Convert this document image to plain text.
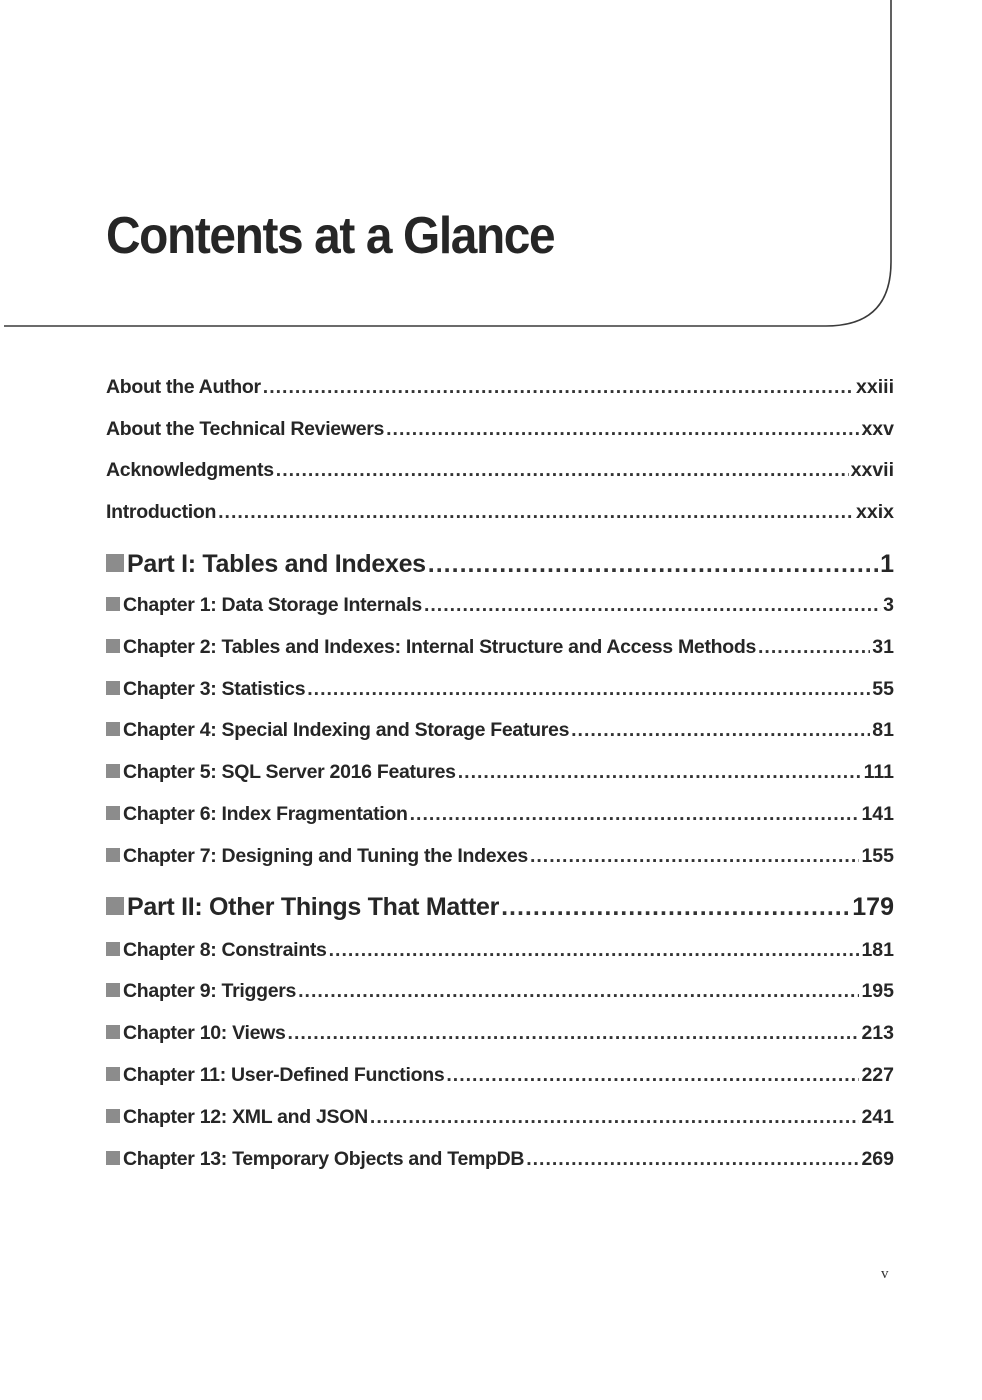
Contents at a Glance
About the Author .....	xxiii
About the Technical Reviewers .....	xxv
Acknowledgments .....	xxvii
Introduction .....	xxix
Part I: Tables and Indexes .....	1
Chapter 1: Data Storage Internals .....	3
Chapter 2: Tables and Indexes: Internal Structure and Access Methods .....	31
Chapter 3: Statistics .....	55
Chapter 4: Special Indexing and Storage Features .....	81
Chapter 5: SQL Server 2016 Features .....	111
Chapter 6: Index Fragmentation .....	141
Chapter 7: Designing and Tuning the Indexes .....	155
Part II: Other Things That Matter .....	179
Chapter 8: Constraints .....	181
Chapter 9: Triggers .....	195
Chapter 10: Views .....	213
Chapter 11: User-Defined Functions .....	227
Chapter 12: XML and JSON .....	241
Chapter 13: Temporary Objects and TempDB .....	269
v
